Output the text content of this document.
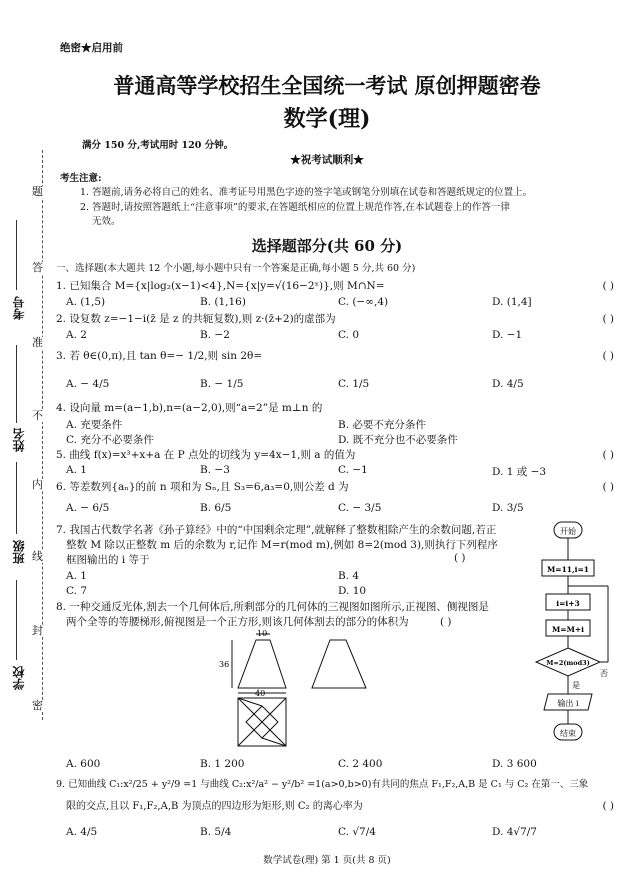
题
答
准
不
内
线
封
密
考号
姓名
班级
学校
绝密★启用前
普通高等学校招生全国统一考试 原创押题密卷
数学(理)
满分 150 分,考试用时 120 分钟。
★祝考试顺利★
考生注意:
1. 答题前,请务必将自己的姓名、准考证号用黑色字迹的签字笔或钢笔分别填在试卷和答题纸规定的位置上。
2. 答题时,请按照答题纸上“注意事项”的要求,在答题纸相应的位置上规范作答,在本试题卷上的作答一律
无效。
选择题部分(共 60 分)
一、选择题(本大题共 12 个小题,每小题中只有一个答案是正确,每小题 5 分,共 60 分)
1. 已知集合 M={x|log₂(x−1)<4},N={x|y=√(16−2ˣ)},则 M∩N=	( )
A. (1,5)	B. (1,16)	C. (−∞,4)	D. (1,4]
2. 设复数 z=−1−i(z̄ 是 z 的共轭复数),则 z·(z̄+2)的虚部为	( )
A. 2	B. −2	C. 0	D. −1
3. 若 θ∈(0,π),且 tan θ=− 1/2,则 sin 2θ=	( )
A. − 4/5	B. − 1/5	C. 1/5	D. 4/5
4. 设向量 m=(a−1,b),n=(a−2,0),则“a=2”是 m⊥n 的
A. 充要条件	B. 必要不充分条件
C. 充分不必要条件	D. 既不充分也不必要条件
5. 曲线 f(x)=x³+x+a 在 P 点处的切线为 y=4x−1,则 a 的值为	( )
A. 1	B. −3	C. −1	D. 1 或 −3
6. 等差数列{aₙ}的前 n 项和为 Sₙ,且 S₃=6,a₃=0,则公差 d 为	( )
A. − 6/5	B. 6/5	C. − 3/5	D. 3/5
7. 我国古代数学名著《孙子算经》中的“中国剩余定理”,就解释了整数相除产生的余数问题,若正
整数 M 除以正整数 m 后的余数为 r,记作 M=r(mod m),例如 8=2(mod 3),则执行下列程序
框图输出的 i 等于	( )
A. 1	B. 4
C. 7	D. 10
8. 一种交通反光体,割去一个几何体后,所剩部分的几何体的三视图如图所示,正视图、侧视图是
两个全等的等腰梯形,俯视图是一个正方形,则该几何体割去的部分的体积为	( )
10
36
40
A. 600	B. 1 200	C. 2 400	D. 3 600
9. 已知曲线 C₁:x²/25 + y²/9 =1 与曲线 C₂:x²/a² − y²/b² =1(a>0,b>0)有共同的焦点 F₁,F₂,A,B 是 C₁ 与 C₂ 在第一、三象
限的交点,且以 F₁,F₂,A,B 为顶点的四边形为矩形,则 C₂ 的离心率为	( )
A. 4/5	B. 5/4	C. √7/4	D. 4√7/7
开始
M=11,i=1
i=i+3
M=M+i
M=2(mod3)
否
是
输出 i
结束
数学试卷(理) 第 1 页(共 8 页)
